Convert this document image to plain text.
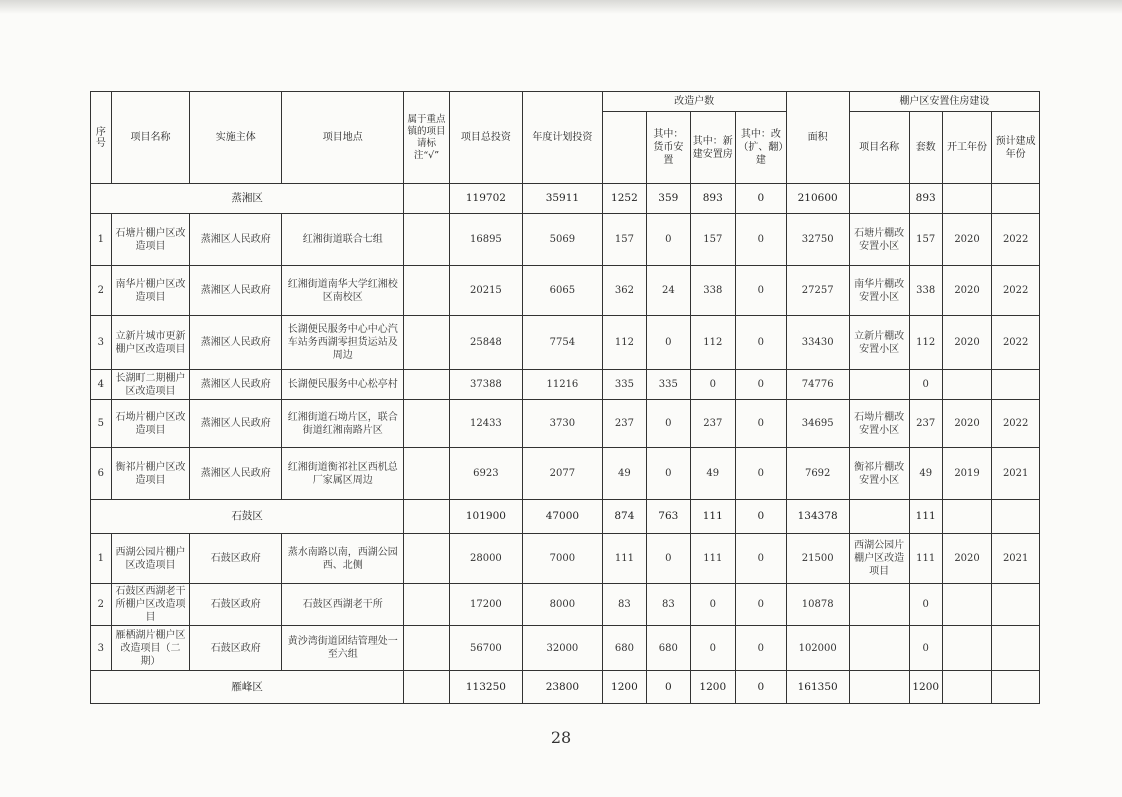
序号	项目名称	实施主体	项目地点	属于重点镇的项目请标注“√”	项目总投资	年度计划投资	改造户数				面积	棚户区安置住房建设			
								其中：货币安置	其中：新建安置房	其中：改（扩、翻）建		项目名称	套数	开工年份	预计建成年份
蒸湘区					119702	35911	1252	359	893	0	210600		893		
1	石塘片棚户区改造项目	蒸湘区人民政府	红湘街道联合七组		16895	5069	157	0	157	0	32750	石塘片棚改安置小区	157	2020	2022
2	南华片棚户区改造项目	蒸湘区人民政府	红湘街道南华大学红湘校区南校区		20215	6065	362	24	338	0	27257	南华片棚改安置小区	338	2020	2022
3	立新片城市更新棚户区改造项目	蒸湘区人民政府	长湖便民服务中心中心汽车站务西湖零担货运站及周边		25848	7754	112	0	112	0	33430	立新片棚改安置小区	112	2020	2022
4	长湖町二期棚户区改造项目	蒸湘区人民政府	长湖便民服务中心松亭村		37388	11216	335	335	0	0	74776		0		
5	石坳片棚户区改造项目	蒸湘区人民政府	红湘街道石坳片区，联合街道红湘南路片区		12433	3730	237	0	237	0	34695	石坳片棚改安置小区	237	2020	2022
6	衡祁片棚户区改造项目	蒸湘区人民政府	红湘街道衡祁社区西机总厂家属区周边		6923	2077	49	0	49	0	7692	衡祁片棚改安置小区	49	2019	2021
石鼓区					101900	47000	874	763	111	0	134378		111		
1	西湖公园片棚户区改造项目	石鼓区政府	蒸水南路以南，西湖公园西、北侧		28000	7000	111	0	111	0	21500	西湖公园片棚户区改造项目	111	2020	2021
2	石鼓区西湖老干所棚户区改造项目	石鼓区政府	石鼓区西湖老干所		17200	8000	83	83	0	0	10878		0		
3	雁栖湖片棚户区改造项目（二期）	石鼓区政府	黄沙湾街道团结管理处一至六组		56700	32000	680	680	0	0	102000		0		
雁峰区					113250	23800	1200	0	1200	0	161350		1200		
28
